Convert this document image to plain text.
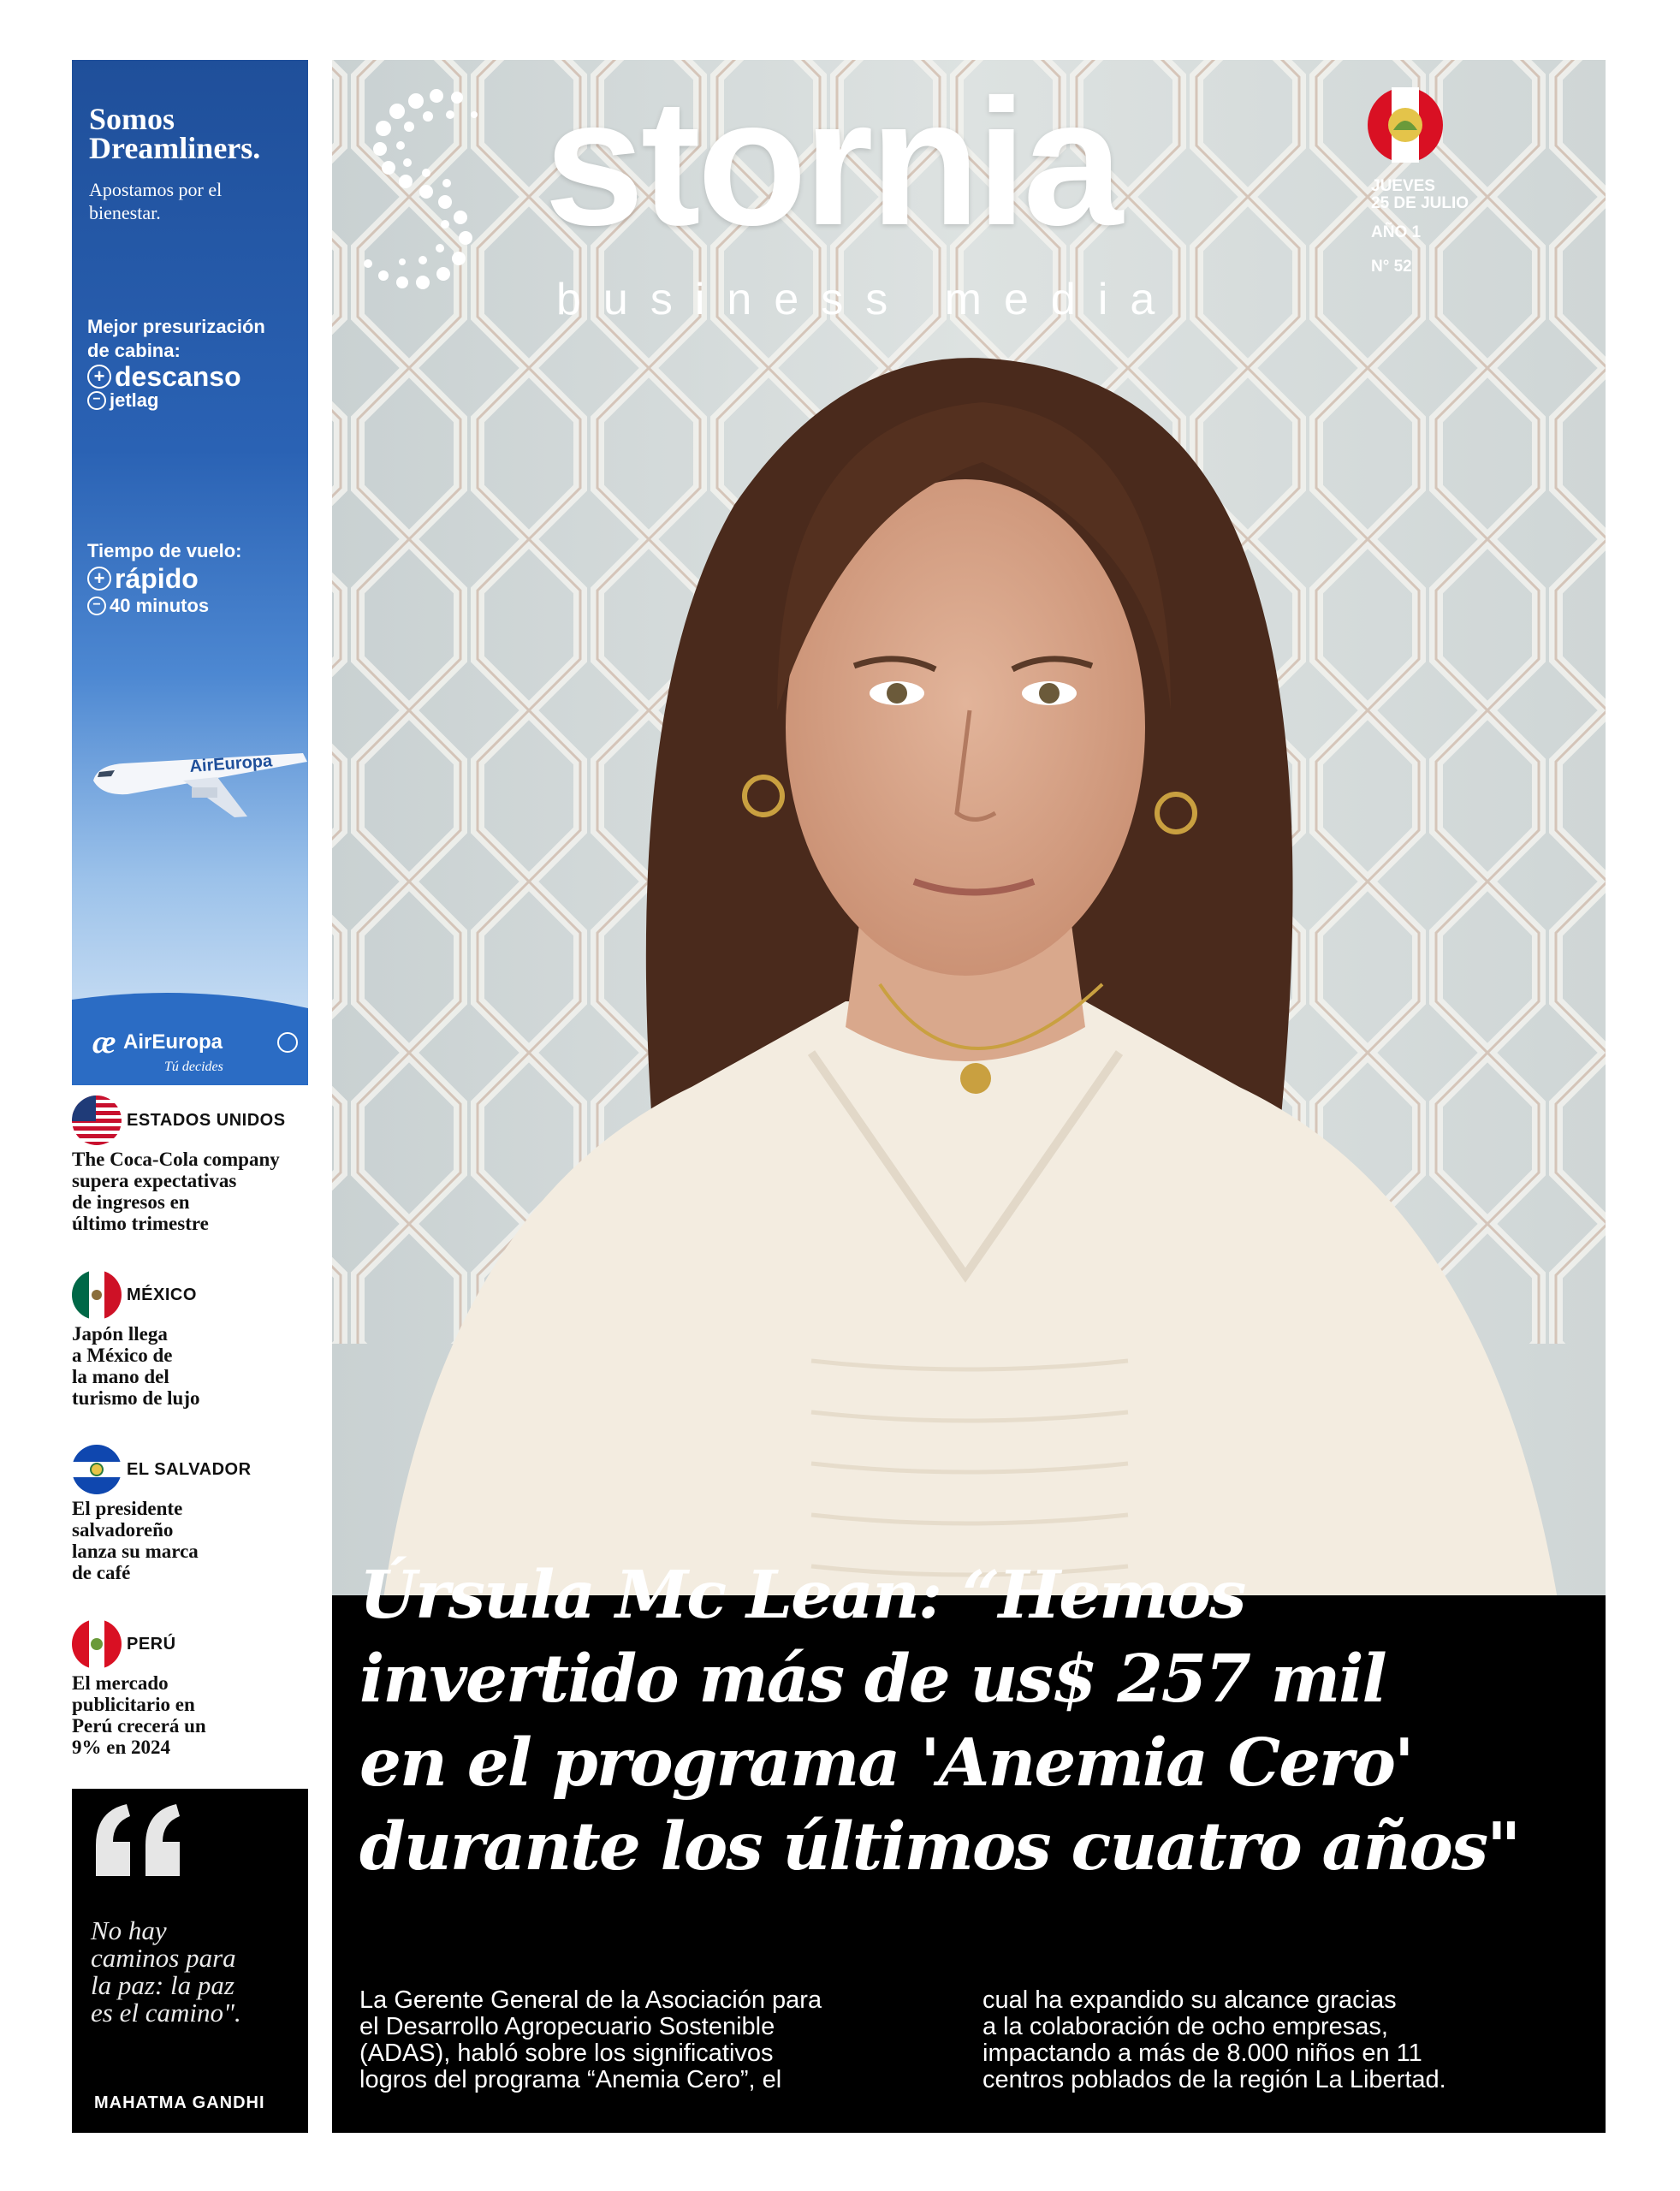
Somos
Dreamliners.
Apostamos por el bienestar.
Mejor presurización
de cabina:
+ descanso
− jetlag
Tiempo de vuelo:
+ rápido
− 40 minutos
AirEuropa
æ AirEuropa
Tú decides
ESTADOS UNIDOS
The Coca-Cola company
supera expectativas
de ingresos en
último trimestre
MÉXICO
Japón llega
a México de
la mano del
turismo de lujo
EL SALVADOR
El presidente
salvadoreño
lanza su marca
de café
PERÚ
El mercado
publicitario en
Perú crecerá un
9% en 2024
No hay
caminos para
la paz: la paz
es el camino".
MAHATMA GANDHI
stornia
business media
JUEVES
25 DE JULIO
AÑO 1
N° 52
Úrsula Mc Lean: “Hemos
invertido más de us$ 257 mil
en el programa 'Anemia Cero'
durante los últimos cuatro años"
La Gerente General de la Asociación para
el Desarrollo Agropecuario Sostenible
(ADAS), habló sobre los significativos
logros del programa “Anemia Cero”, el
cual ha expandido su alcance gracias
a la colaboración de ocho empresas,
impactando a más de 8.000 niños en 11
centros poblados de la región La Libertad.
